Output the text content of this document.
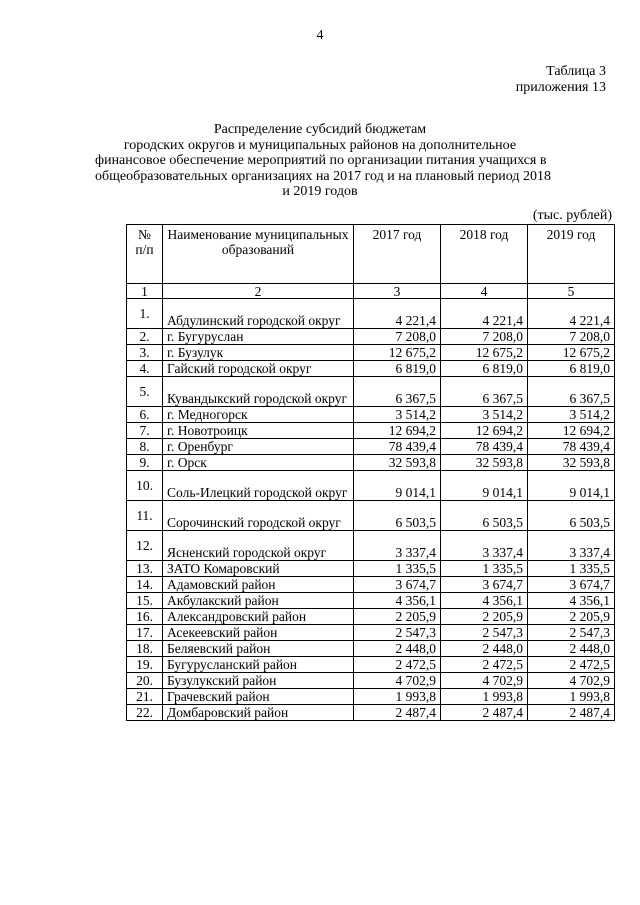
4
Таблица 3
приложения 13
Распределение субсидий бюджетам
городских округов и муниципальных районов на дополнительное
финансовое обеспечение мероприятий по организации питания учащихся в
общеобразовательных организациях на 2017 год и на плановый период 2018
и 2019 годов
(тыс. рублей)
№ п/п	Наименование муниципальных образований	2017 год	2018 год	2019 год
1	2	3	4	5
1.	Абдулинский городской округ	4 221,4	4 221,4	4 221,4
2.	г. Бугуруслан	7 208,0	7 208,0	7 208,0
3.	г. Бузулук	12 675,2	12 675,2	12 675,2
4.	Гайский городской округ	6 819,0	6 819,0	6 819,0
5.	Кувандыкский городской округ	6 367,5	6 367,5	6 367,5
6.	г. Медногорск	3 514,2	3 514,2	3 514,2
7.	г. Новотроицк	12 694,2	12 694,2	12 694,2
8.	г. Оренбург	78 439,4	78 439,4	78 439,4
9.	г. Орск	32 593,8	32 593,8	32 593,8
10.	Соль-Илецкий городской округ	9 014,1	9 014,1	9 014,1
11.	Сорочинский городской округ	6 503,5	6 503,5	6 503,5
12.	Ясненский городской округ	3 337,4	3 337,4	3 337,4
13.	ЗАТО Комаровский	1 335,5	1 335,5	1 335,5
14.	Адамовский район	3 674,7	3 674,7	3 674,7
15.	Акбулакский район	4 356,1	4 356,1	4 356,1
16.	Александровский район	2 205,9	2 205,9	2 205,9
17.	Асекеевский район	2 547,3	2 547,3	2 547,3
18.	Беляевский район	2 448,0	2 448,0	2 448,0
19.	Бугурусланский район	2 472,5	2 472,5	2 472,5
20.	Бузулукский район	4 702,9	4 702,9	4 702,9
21.	Грачевский район	1 993,8	1 993,8	1 993,8
22.	Домбаровский район	2 487,4	2 487,4	2 487,4
